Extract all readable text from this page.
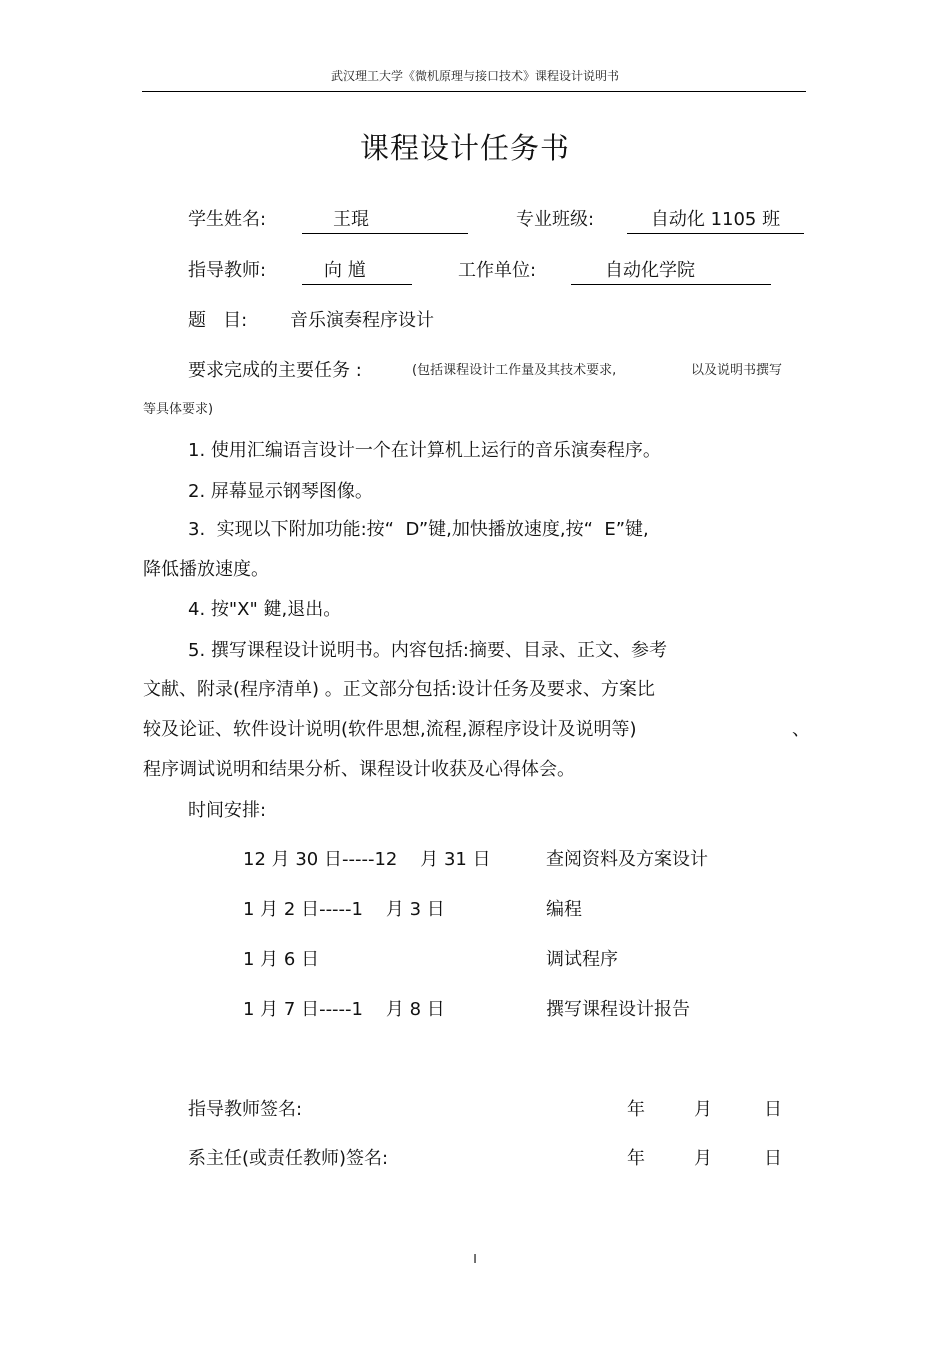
武汉理工大学《微机原理与接口技术》课程设计说明书
课程设计任务书
学生姓名:	王琨	专业班级:	自动化 1105 班
指导教师:	向 馗	工作单位:	自动化学院
题   目: 音乐演奏程序设计
要求完成的主要任务 :	(包括课程设计工作量及其技术要求,	以及说明书撰写
等具体要求)
1. 使用汇编语言设计一个在计算机上运行的音乐演奏程序。
2. 屏幕显示钢琴图像。
3.  实现以下附加功能:按“  D”键,加快播放速度,按“  E”键,
降低播放速度。
4. 按"X" 鍵,退出。
5. 撰写课程设计说明书。内容包括:摘要、目录、正文、参考
文献、附录(程序清单) 。正文部分包括:设计任务及要求、方案比
较及论证、软件设计说明(软件思想,流程,源程序设计及说明等)	、
程序调试说明和结果分析、课程设计收获及心得体会。
时间安排:
12 月 30 日-----12    月 31 日	查阅资料及方案设计
1 月 2 日-----1    月 3 日	编程
1 月 6 日	调试程序
1 月 7 日-----1    月 8 日	撰写课程设计报告
指导教师签名:	年	月	日
系主任(或责任教师)签名:	年	月	日
I
